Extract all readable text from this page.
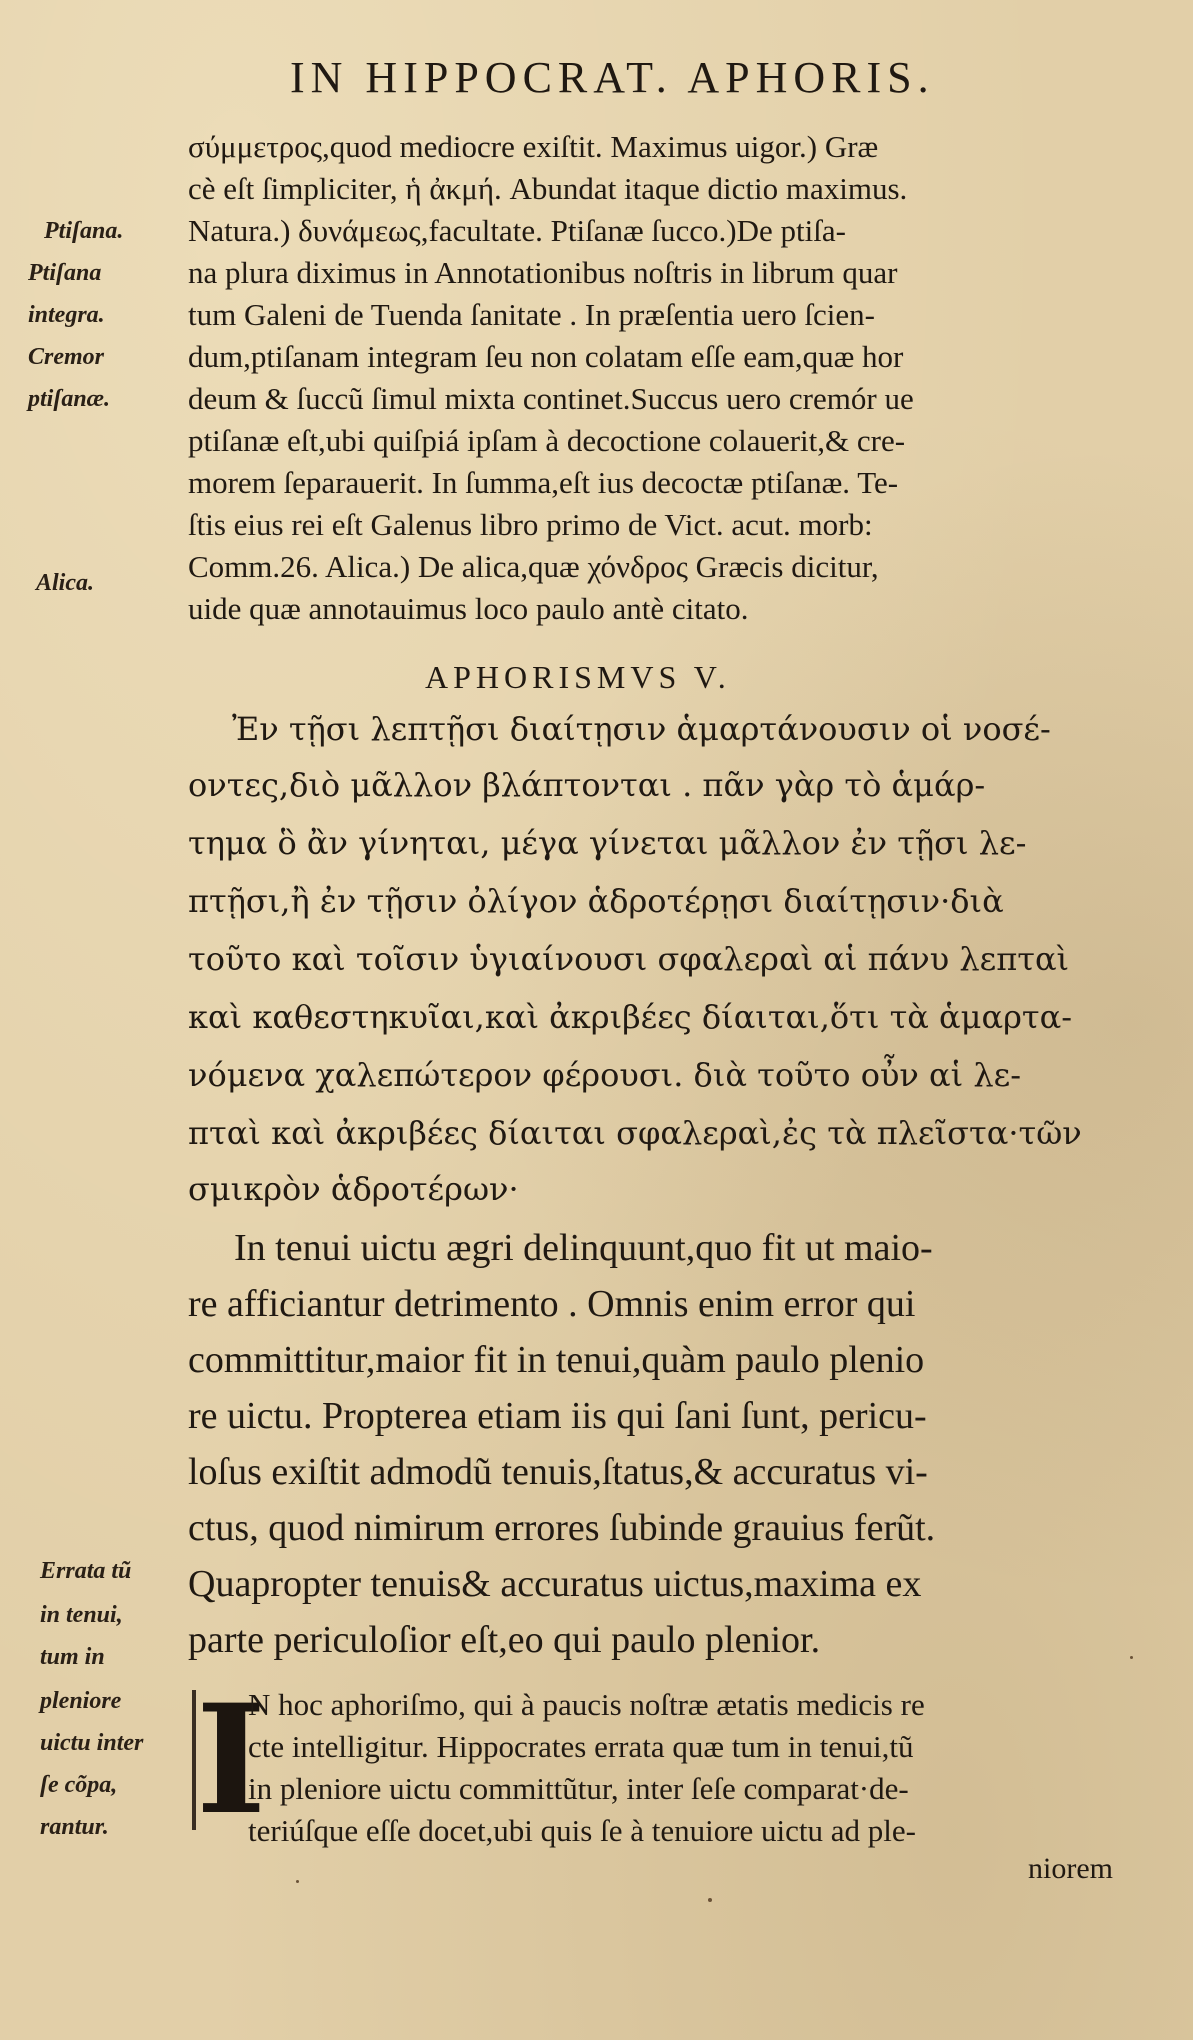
IN HIPPOCRAT. APHORIS.
σύμμετρος,quod mediocre exiſtit. Maximus uigor.) Græ
cè eſt ſimpliciter, ἡ ἀκμή. Abundat itaque dictio maximus.
Natura.) δυνάμεως,facultate. Ptiſanæ ſucco.)De ptiſa-
na plura diximus in Annotationibus noſtris in librum quar
tum Galeni de Tuenda ſanitate . In præſentia uero ſcien-
dum,ptiſanam integram ſeu non colatam eſſe eam,quæ hor
deum & ſuccũ ſimul mixta continet.Succus uero cremór ue
ptiſanæ eſt,ubi quiſpiá ipſam à decoctione colauerit,& cre-
morem ſeparauerit. In ſumma,eſt ius decoctæ ptiſanæ. Te-
ſtis eius rei eſt Galenus libro primo de Vict. acut. morb:
Comm.26. Alica.) De alica,quæ χόνδρος Græcis dicitur,
uide quæ annotauimus loco paulo antè citato.
APHORISMVS V.
Ἐν τῇσι λεπτῇσι διαίτῃσιν ἁμαρτάνουσιν οἱ νοσέ-
οντες,διὸ μᾶλλον βλάπτονται . πᾶν γὰρ τὸ ἁμάρ-
τημα ὃ ἂν γίνηται, μέγα γίνεται μᾶλλον ἐν τῇσι λε-
πτῇσι,ἢ ἐν τῇσιν ὀλίγον ἁδροτέρῃσι διαίτῃσιν·διὰ
τοῦτο καὶ τοῖσιν ὑγιαίνουσι σφαλεραὶ αἱ πάνυ λεπταὶ
καὶ καθεστηκυῖαι,καὶ ἀκριβέες δίαιται,ὅτι τὰ ἁμαρτα-
νόμενα χαλεπώτερον φέρουσι. διὰ τοῦτο οὖν αἱ λε-
πταὶ καὶ ἀκριβέες δίαιται σφαλεραὶ,ἐς τὰ πλεῖστα·τῶν
σμικρὸν ἁδροτέρων·
In tenui uictu ægri delinquunt,quo fit ut maio-
re afficiantur detrimento . Omnis enim error qui
committitur,maior fit in tenui,quàm paulo plenio
re uictu. Propterea etiam iis qui ſani ſunt, pericu-
loſus exiſtit admodũ tenuis,ſtatus,& accuratus vi-
ctus, quod nimirum errores ſubinde grauius ferũt.
Quapropter tenuis& accuratus uictus,maxima ex
parte periculoſior eſt,eo qui paulo plenior.
I
N hoc aphoriſmo, qui à paucis noſtræ ætatis medicis re
cte intelligitur. Hippocrates errata quæ tum in tenui,tũ
in pleniore uictu committũtur, inter ſeſe comparat·de-
teriúſque eſſe docet,ubi quis ſe à tenuiore uictu ad ple-
niorem
Ptiſana.
Ptiſana
integra.
Cremor
ptiſanæ.
Alica.
Errata tũ
in tenui,
tum in
pleniore
uictu inter
ſe cõpa,
rantur.
